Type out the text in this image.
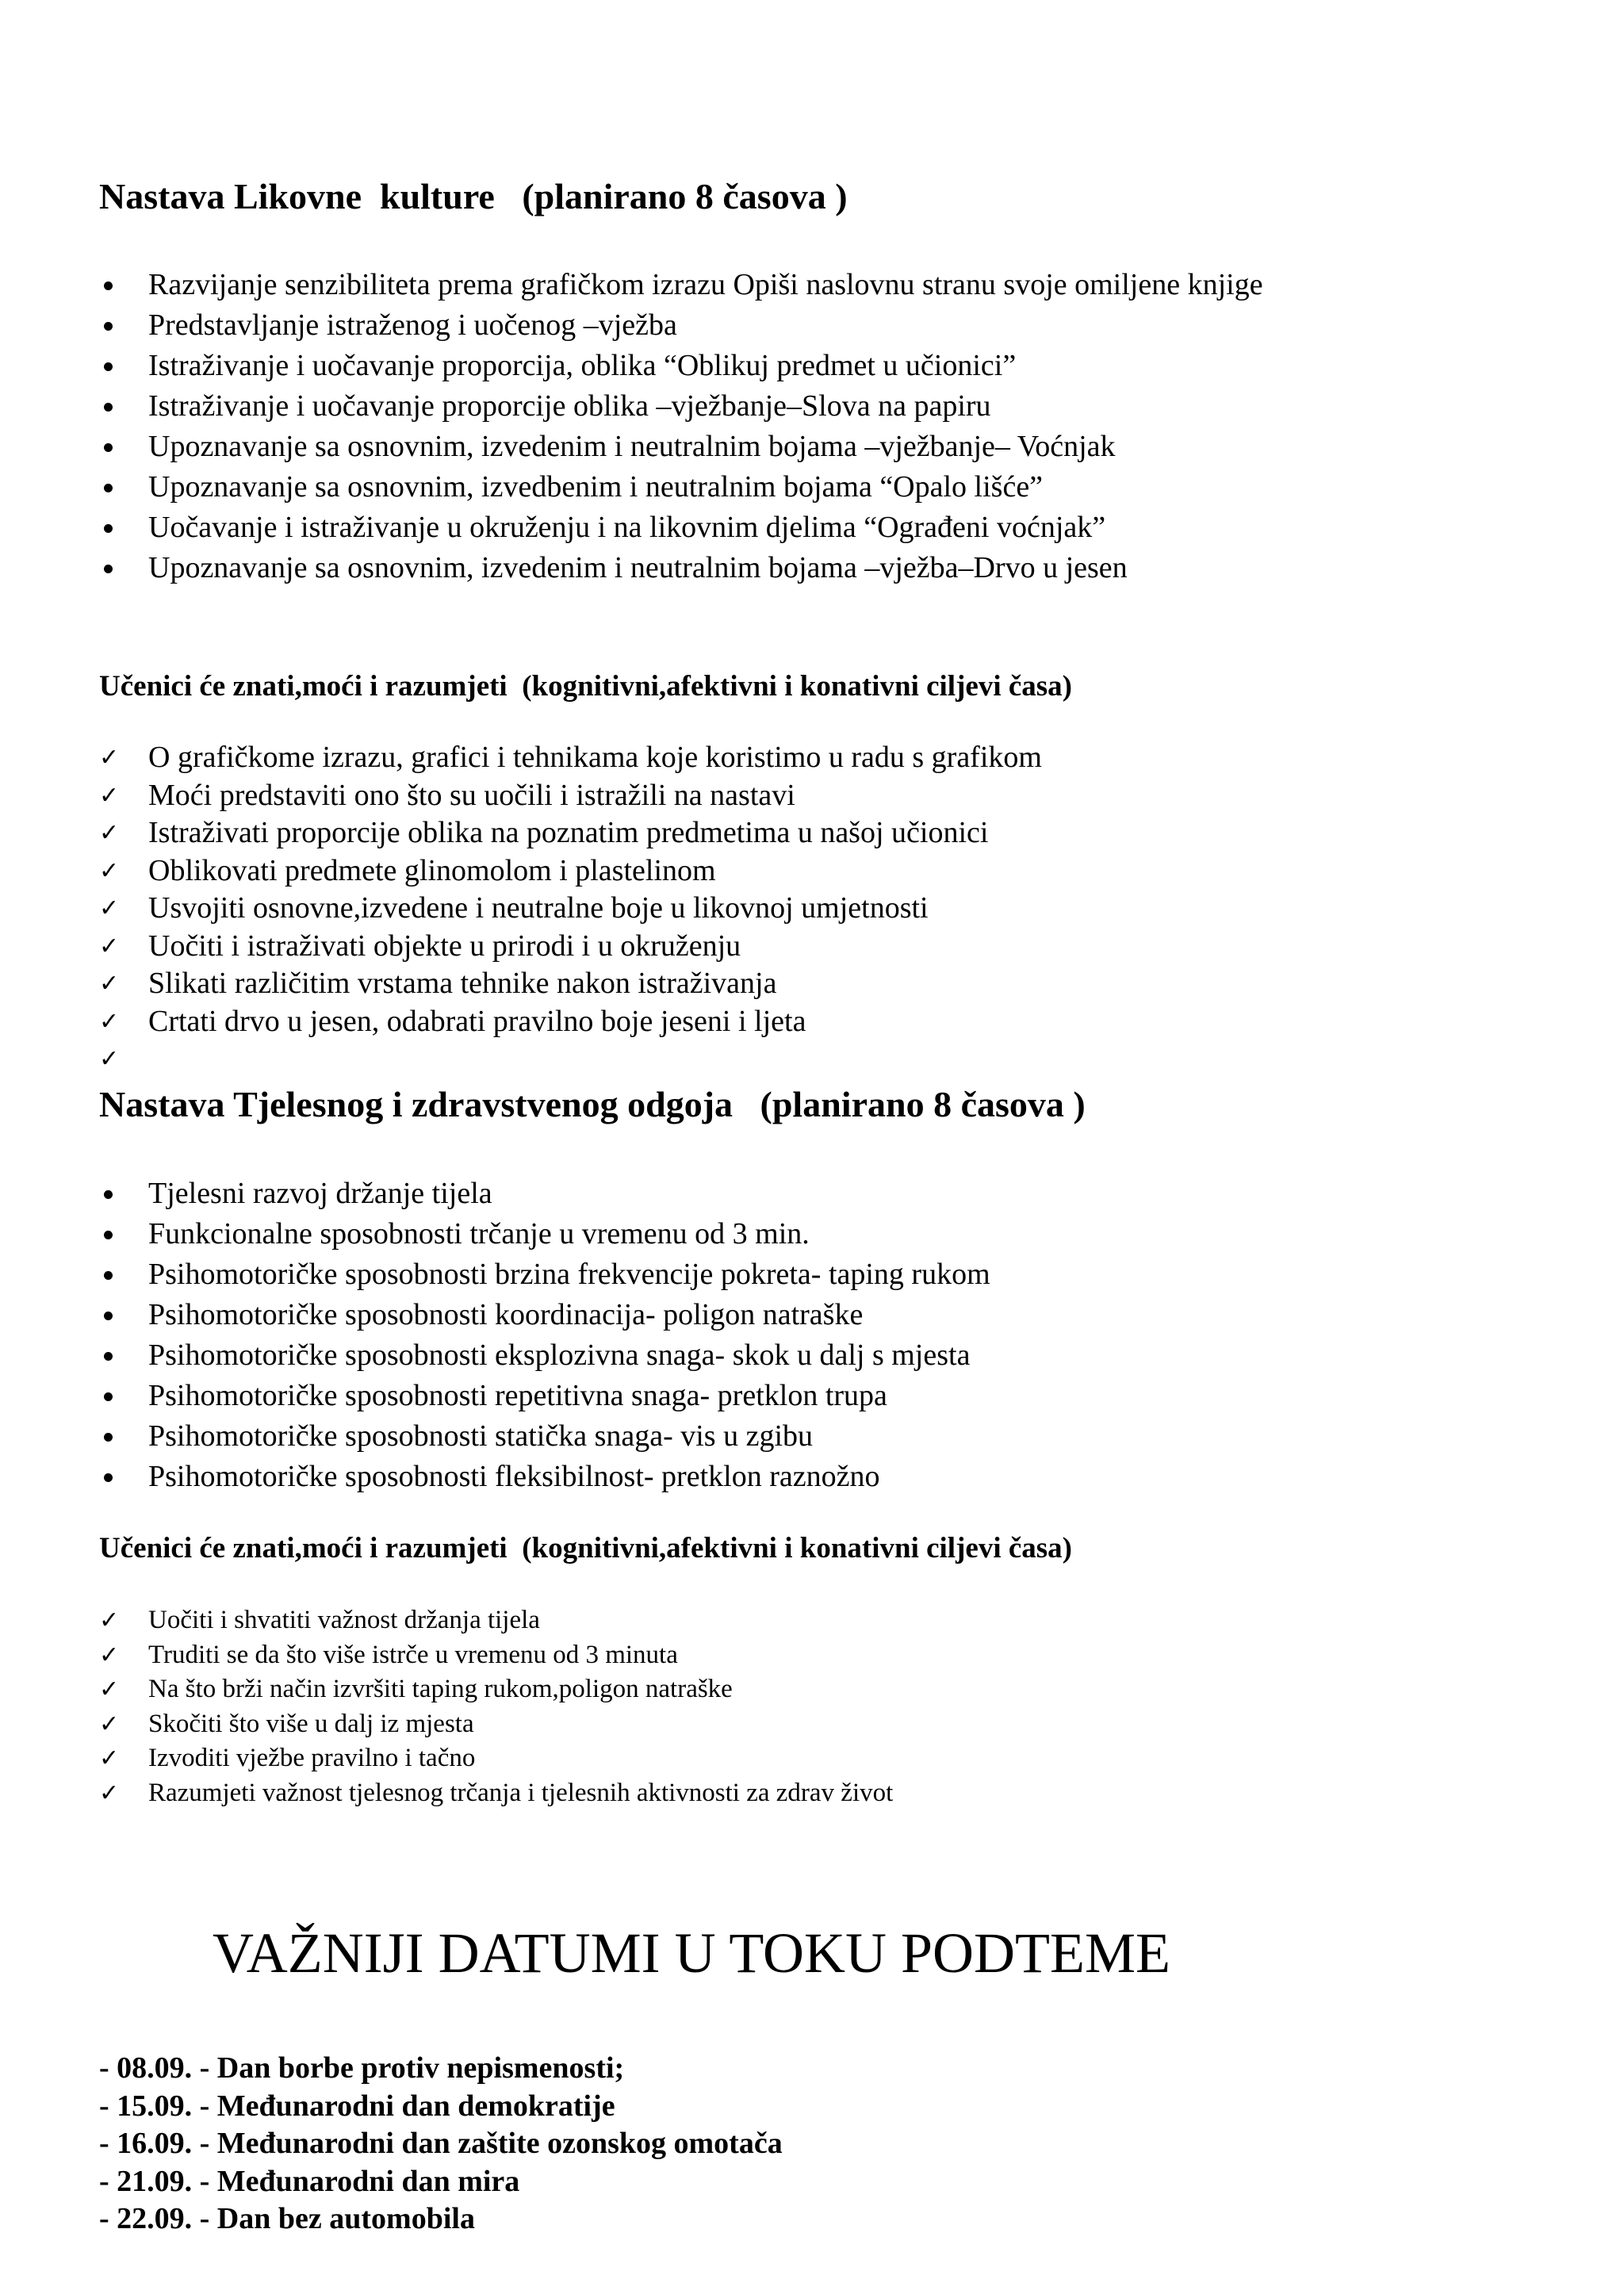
Nastava Likovne  kulture   (planirano 8 časova )
Razvijanje senzibiliteta prema grafičkom izrazu Opiši naslovnu stranu svoje omiljene knjige
Predstavljanje istraženog i uočenog –vježba
Istraživanje i uočavanje proporcija, oblika “Oblikuj predmet u učionici”
Istraživanje i uočavanje proporcije oblika –vježbanje–Slova na papiru
Upoznavanje sa osnovnim, izvedenim i neutralnim bojama –vježbanje– Voćnjak
Upoznavanje sa osnovnim, izvedbenim i neutralnim bojama “Opalo lišće”
Uočavanje i istraživanje u okruženju i na likovnim djelima “Ograđeni voćnjak”
Upoznavanje sa osnovnim, izvedenim i neutralnim bojama –vježba–Drvo u jesen
Učenici će znati,moći i razumjeti  (kognitivni,afektivni i konativni ciljevi časa)
✓ O grafičkome izrazu, grafici i tehnikama koje koristimo u radu s grafikom
✓ Moći predstaviti ono što su uočili i istražili na nastavi
✓ Istraživati proporcije oblika na poznatim predmetima u našoj učionici
✓ Oblikovati predmete glinomolom i plastelinom
✓ Usvojiti osnovne,izvedene i neutralne boje u likovnoj umjetnosti
✓ Uočiti i istraživati objekte u prirodi i u okruženju
✓ Slikati različitim vrstama tehnike nakon istraživanja
✓ Crtati drvo u jesen, odabrati pravilno boje jeseni i ljeta
✓
Nastava Tjelesnog i zdravstvenog odgoja   (planirano 8 časova )
Tjelesni razvoj držanje tijela
Funkcionalne sposobnosti trčanje u vremenu od 3 min.
Psihomotoričke sposobnosti brzina frekvencije pokreta- taping rukom
Psihomotoričke sposobnosti koordinacija- poligon natraške
Psihomotoričke sposobnosti eksplozivna snaga- skok u dalj s mjesta
Psihomotoričke sposobnosti repetitivna snaga- pretklon trupa
Psihomotoričke sposobnosti statička snaga- vis u zgibu
Psihomotoričke sposobnosti fleksibilnost- pretklon raznožno
Učenici će znati,moći i razumjeti  (kognitivni,afektivni i konativni ciljevi časa)
✓ Uočiti i shvatiti važnost držanja tijela
✓ Truditi se da što više istrče u vremenu od 3 minuta
✓ Na što brži način izvršiti taping rukom,poligon natraške
✓ Skočiti što više u dalj iz mjesta
✓ Izvoditi vježbe pravilno i tačno
✓ Razumjeti važnost tjelesnog trčanja i tjelesnih aktivnosti za zdrav život
VAŽNIJI DATUMI U TOKU PODTEME
- 08.09. - Dan borbe protiv nepismenosti;
- 15.09. - Međunarodni dan demokratije
- 16.09. - Međunarodni dan zaštite ozonskog omotača
- 21.09. - Međunarodni dan mira
- 22.09. - Dan bez automobila
